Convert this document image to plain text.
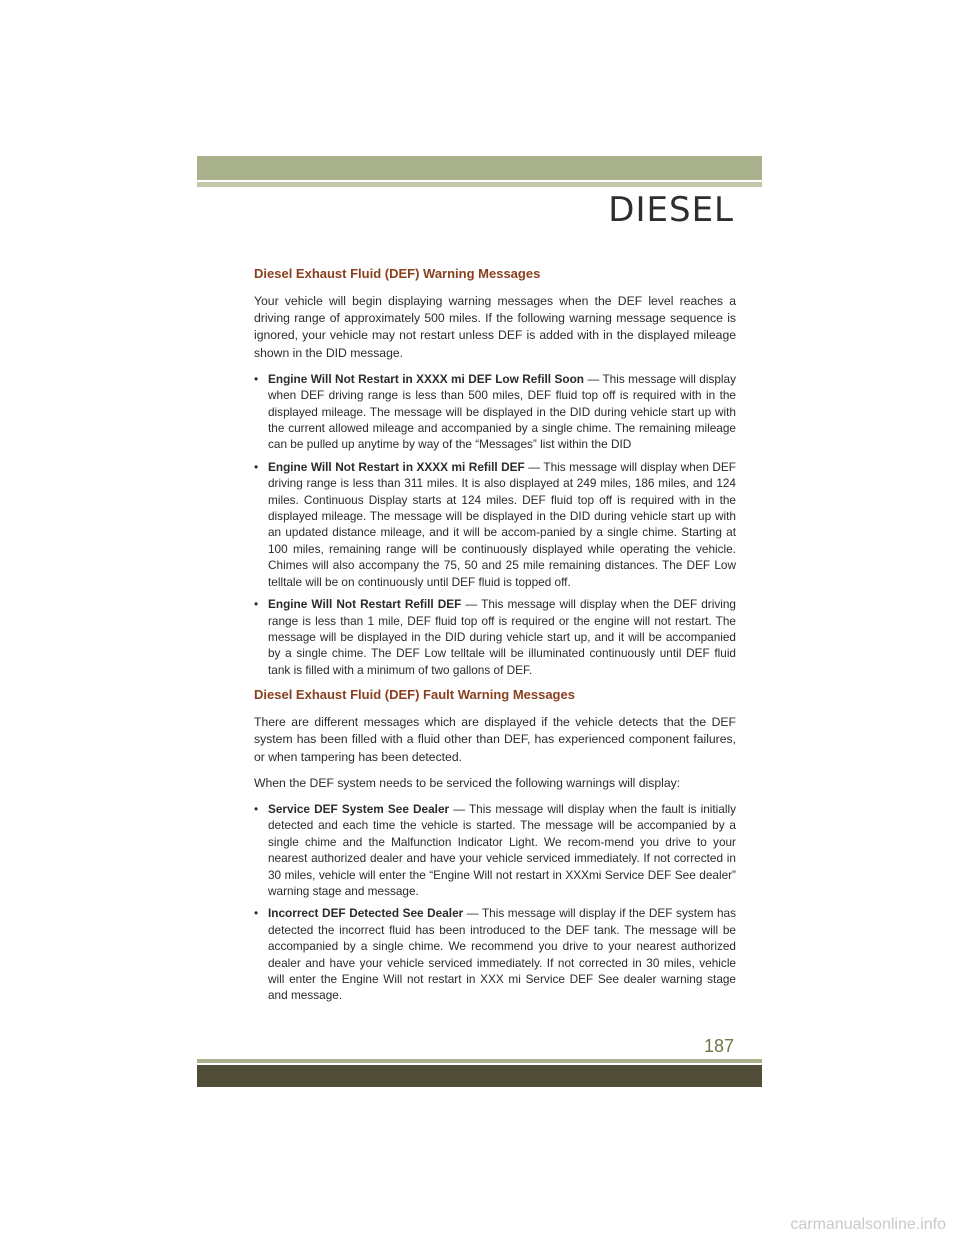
DIESEL
Diesel Exhaust Fluid (DEF) Warning Messages

Your vehicle will begin displaying warning messages when the DEF level reaches a driving range of approximately 500 miles. If the following warning message sequence is ignored, your vehicle may not restart unless DEF is added with in the displayed mileage shown in the DID message.

• Engine Will Not Restart in XXXX mi DEF Low Refill Soon — This message will display when DEF driving range is less than 500 miles, DEF fluid top off is required with in the displayed mileage. The message will be displayed in the DID during vehicle start up with the current allowed mileage and accompanied by a single chime. The remaining mileage can be pulled up anytime by way of the “Messages” list within the DID
• Engine Will Not Restart in XXXX mi Refill DEF — This message will display when DEF driving range is less than 311 miles. It is also displayed at 249 miles, 186 miles, and 124 miles. Continuous Display starts at 124 miles. DEF fluid top off is required with in the displayed mileage. The message will be displayed in the DID during vehicle start up with an updated distance mileage, and it will be accom-panied by a single chime. Starting at 100 miles, remaining range will be continuously displayed while operating the vehicle. Chimes will also accompany the 75, 50 and 25 mile remaining distances. The DEF Low telltale will be on continuously until DEF fluid is topped off.
• Engine Will Not Restart Refill DEF — This message will display when the DEF driving range is less than 1 mile, DEF fluid top off is required or the engine will not restart. The message will be displayed in the DID during vehicle start up, and it will be accompanied by a single chime. The DEF Low telltale will be illuminated continuously until DEF fluid tank is filled with a minimum of two gallons of DEF.
Diesel Exhaust Fluid (DEF) Fault Warning Messages

There are different messages which are displayed if the vehicle detects that the DEF system has been filled with a fluid other than DEF, has experienced component failures, or when tampering has been detected.

When the DEF system needs to be serviced the following warnings will display:

• Service DEF System See Dealer — This message will display when the fault is initially detected and each time the vehicle is started. The message will be accompanied by a single chime and the Malfunction Indicator Light. We recom-mend you drive to your nearest authorized dealer and have your vehicle serviced immediately. If not corrected in 30 miles, vehicle will enter the “Engine Will not restart in XXXmi Service DEF See dealer” warning stage and message.
• Incorrect DEF Detected See Dealer — This message will display if the DEF system has detected the incorrect fluid has been introduced to the DEF tank. The message will be accompanied by a single chime. We recommend you drive to your nearest authorized dealer and have your vehicle serviced immediately. If not corrected in 30 miles, vehicle will enter the Engine Will not restart in XXX mi Service DEF See dealer warning stage and message.
187
carmanualsonline.info
